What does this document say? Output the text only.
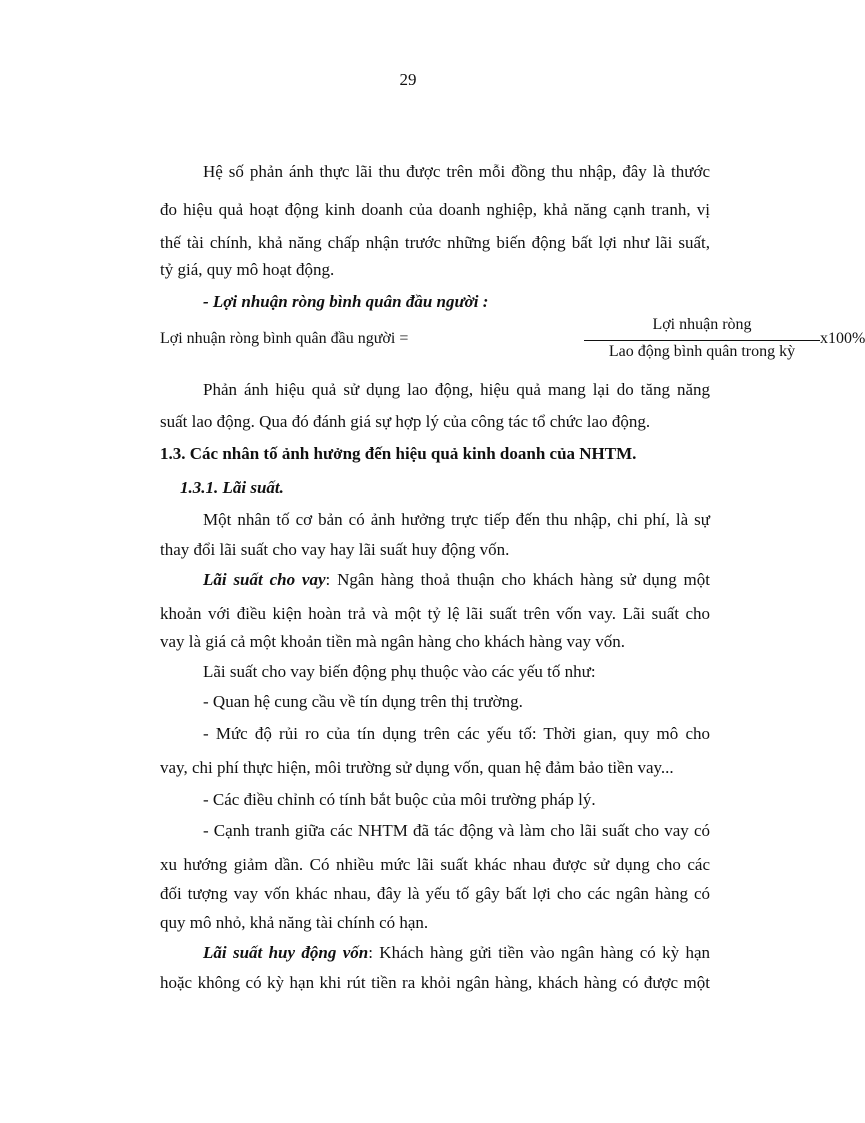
29
Hệ số phản ánh thực lãi thu được trên mỗi đồng thu nhập, đây là thước
đo hiệu quả hoạt động kinh doanh của doanh nghiệp, khả năng cạnh tranh, vị
thế tài chính, khả năng chấp nhận trước những biến động bất lợi như lãi suất,
tỷ giá, quy mô hoạt động.
- Lợi nhuận ròng bình quân đầu người :
Lợi nhuận ròng bình quân đầu người =
Lợi nhuận ròng
Lao động bình quân trong kỳ
x100%
Phản ánh hiệu quả sử dụng lao động, hiệu quả mang lại do tăng năng
suất lao động. Qua đó đánh giá sự hợp lý của công tác tổ chức lao động.
1.3. Các nhân tố ảnh hưởng đến hiệu quả kinh doanh của NHTM.
1.3.1. Lãi suất.
Một nhân tố cơ bản có ảnh hưởng trực tiếp đến thu nhập, chi phí, là sự
thay đổi lãi suất cho vay hay lãi suất huy động vốn.
Lãi suất cho vay: Ngân hàng thoả thuận cho khách hàng sử dụng một
khoản với điều kiện hoàn trả và một tỷ lệ lãi suất trên vốn vay. Lãi suất cho
vay là giá cả một khoản tiền mà ngân hàng cho khách hàng vay vốn.
Lãi suất cho vay biến động phụ thuộc vào các yếu tố như:
- Quan hệ cung cầu về tín dụng trên thị trường.
- Mức độ rủi ro của tín dụng trên các yếu tố: Thời gian, quy mô cho
vay, chi phí thực hiện, môi trường sử dụng vốn, quan hệ đảm bảo tiền vay...
- Các điều chỉnh có tính bắt buộc của môi trường pháp lý.
- Cạnh tranh giữa các NHTM đã tác động và làm cho lãi suất cho vay có
xu hướng giảm dần. Có nhiều mức lãi suất khác nhau được sử dụng cho các
đối tượng vay vốn khác nhau, đây là yếu tố gây bất lợi cho các ngân hàng có
quy mô nhỏ, khả năng tài chính có hạn.
Lãi suất huy động vốn: Khách hàng gửi tiền vào ngân hàng có kỳ hạn
hoặc không có kỳ hạn khi rút tiền ra khỏi ngân hàng, khách hàng có được một
